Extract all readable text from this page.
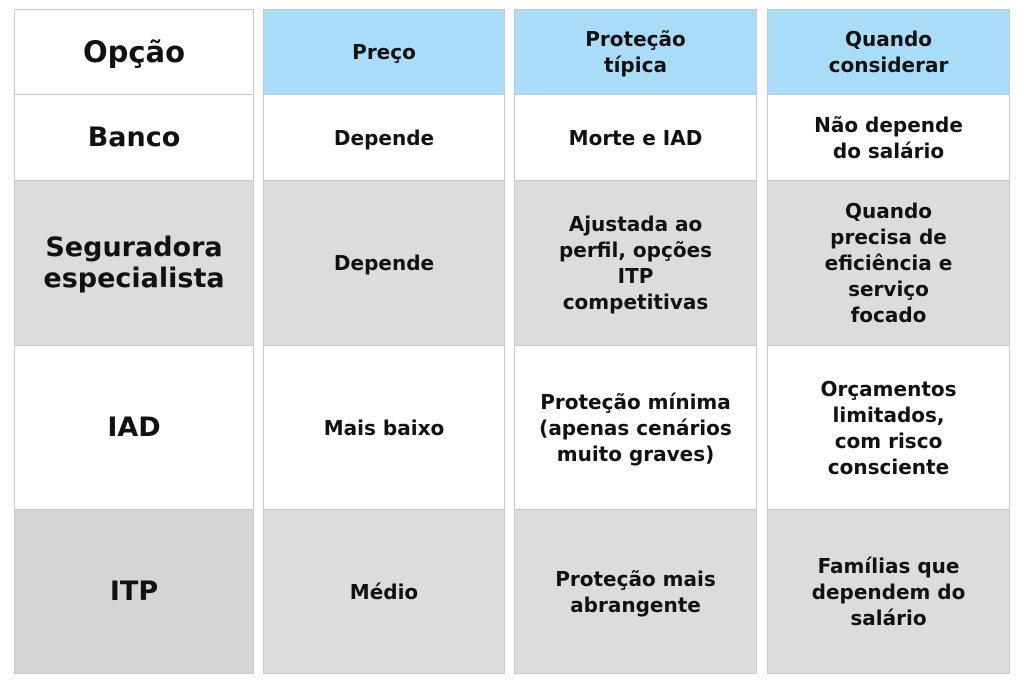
Opção
Banco
Seguradora especialista
IAD
ITP
Preço
Depende
Depende
Mais baixo
Médio
Proteção típica
Morte e IAD
Ajustada ao perfil, opções ITP competitivas
Proteção mínima (apenas cenários muito graves)
Proteção mais abrangente
Quando considerar
Não depende do salário
Quando precisa de eficiência e serviço focado
Orçamentos limitados, com risco consciente
Famílias que dependem do salário
